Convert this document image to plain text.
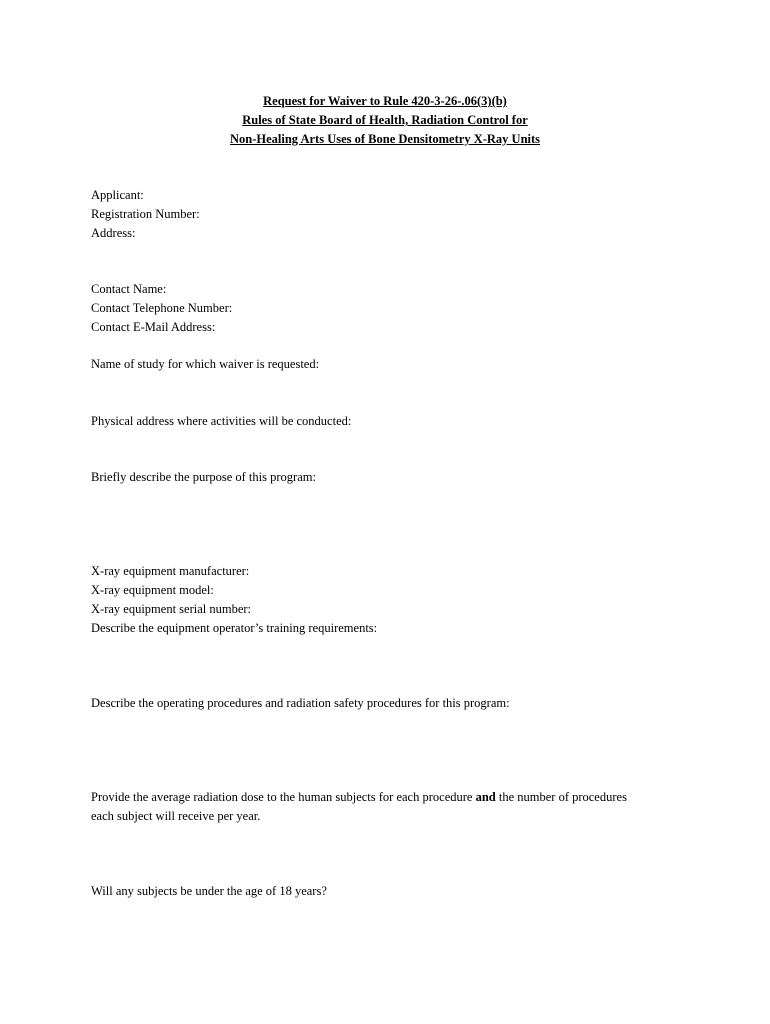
Request for Waiver to Rule 420-3-26-.06(3)(b)
Rules of State Board of Health, Radiation Control for
Non-Healing Arts Uses of Bone Densitometry X-Ray Units
Applicant:
Registration Number:
Address:
Contact Name:
Contact Telephone Number:
Contact E-Mail Address:
Name of study for which waiver is requested:
Physical address where activities will be conducted:
Briefly describe the purpose of this program:
X-ray equipment manufacturer:
X-ray equipment model:
X-ray equipment serial number:
Describe the equipment operator’s training requirements:
Describe the operating procedures and radiation safety procedures for this program:
Provide the average radiation dose to the human subjects for each procedure and the number of procedures each subject will receive per year.
Will any subjects be under the age of 18 years?
